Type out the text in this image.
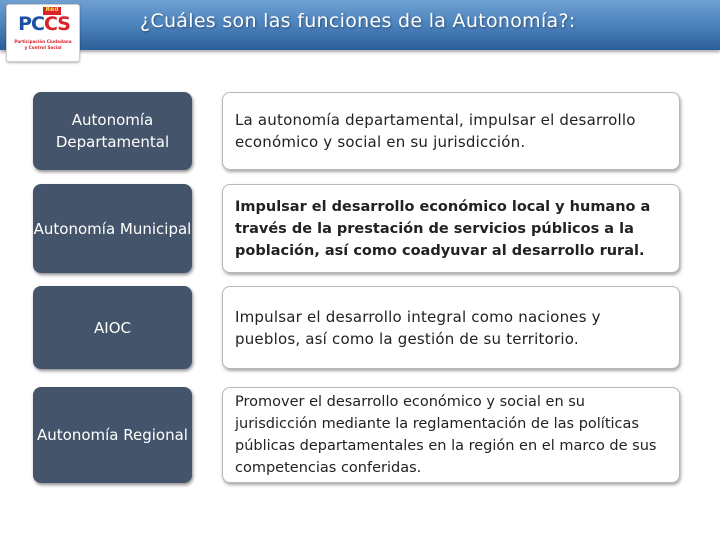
¿Cuáles son las funciones de la Autonomía?:
Red
PCCS
Participación Ciudadana
y Control Social
Autonomía Departamental
La autonomía departamental, impulsar el desarrollo económico y social en su jurisdicción.
Autonomía Municipal
Impulsar el desarrollo económico local y humano a través de la prestación de servicios públicos a la población, así como coadyuvar al desarrollo rural.
AIOC
Impulsar el desarrollo integral como naciones y pueblos, así como la gestión de su territorio.
Autonomía Regional
Promover el desarrollo económico y social en su jurisdicción mediante la reglamentación de las políticas públicas departamentales en la región en el marco de sus competencias conferidas.
